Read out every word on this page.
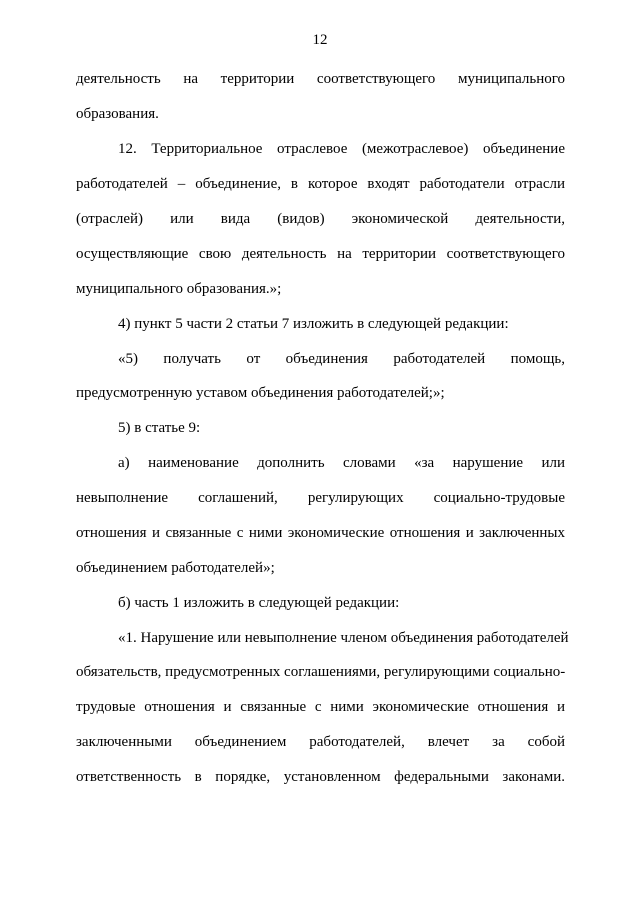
12
деятельность на территории соответствующего муниципального
образования.
12. Территориальное отраслевое (межотраслевое) объединение
работодателей – объединение, в которое входят работодатели отрасли
(отраслей) или вида (видов) экономической деятельности,
осуществляющие свою деятельность на территории соответствующего
муниципального образования.»;
4) пункт 5 части 2 статьи 7 изложить в следующей редакции:
«5) получать от объединения работодателей помощь,
предусмотренную уставом объединения работодателей;»;
5) в статье 9:
а) наименование дополнить словами «за нарушение или
невыполнение соглашений, регулирующих социально-трудовые
отношения и связанные с ними экономические отношения и заключенных
объединением работодателей»;
б) часть 1 изложить в следующей редакции:
«1. Нарушение или невыполнение членом объединения работодателей
обязательств, предусмотренных соглашениями, регулирующими социально-
трудовые отношения и связанные с ними экономические отношения и
заключенными объединением работодателей, влечет за собой
ответственность в порядке, установленном федеральными законами.
